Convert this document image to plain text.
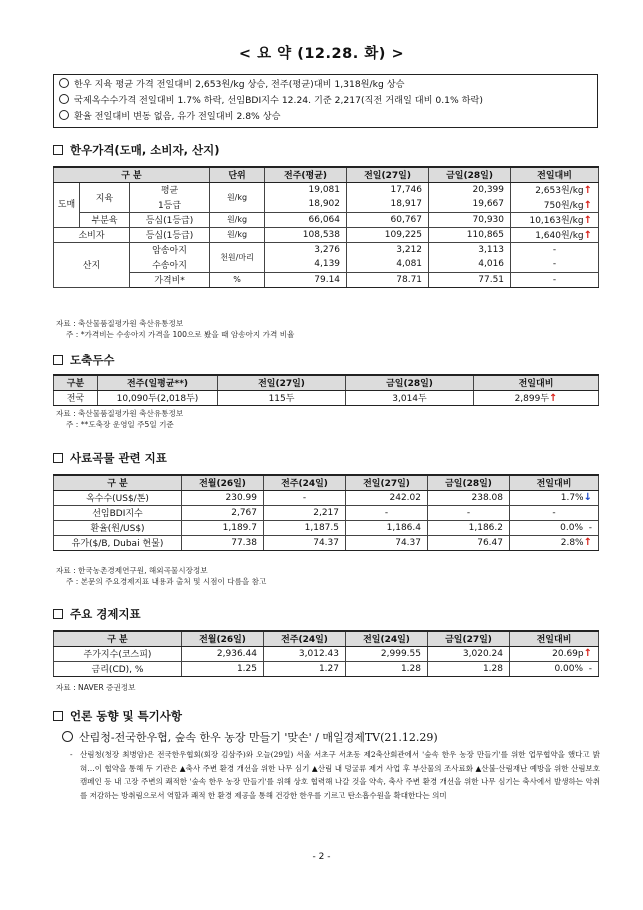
< 요 약 (12.28. 화) >
한우 지육 평균 가격 전일대비 2,653원/kg 상승, 전주(평균)대비 1,318원/kg 상승
국제옥수수가격 전일대비 1.7% 하락, 선임BDI지수 12.24. 기준 2,217(직전 거래일 대비 0.1% 하락)
환율 전일대비 변동 없음, 유가 전일대비 2.8% 상승
한우가격(도매, 소비자, 산지)
구 분			단위	전주(평균)	전일(27일)	금일(28일)	전일대비
도매	지육	평균	원/kg	19,081	17,746	20,399	2,653원/kg↑
		1등급		18,902	18,917	19,667	750원/kg↑
	부분육	등심(1등급)	원/kg	66,064	60,767	70,930	10,163원/kg↑
소비자		등심(1등급)	원/kg	108,538	109,225	110,865	1,640원/kg↑
산지		암송아지	천원/마리	3,276	3,212	3,113	-
		수송아지		4,139	4,081	4,016	-
		가격비*	%	79.14	78.71	77.51	-
자료 : 축산물품질평가원 축산유통정보
주 : *가격비는 수송아지 가격을 100으로 봤을 때 암송아지 가격 비율
도축두수
구분	전주(일평균**)	전일(27일)	금일(28일)	전일대비
전국	10,090두(2,018두)	115두	3,014두	2,899두↑
자료 : 축산물품질평가원 축산유통정보
주 : **도축장 운영일 주5일 기준
사료곡물 관련 지표
구 분	전월(26일)	전주(24일)	전일(27일)	금일(28일)	전일대비
옥수수(US$/톤)	230.99	-	242.02	238.08	1.7%↓
선임BDI지수	2,767	2,217	-	-	-
환율(원/US$)	1,189.7	1,187.5	1,186.4	1,186.2	0.0%  -
유가($/B, Dubai 현물)	77.38	74.37	74.37	76.47	2.8%↑
자료 : 한국농촌경제연구원, 해외곡물시장정보
주 : 본문의 주요경제지표 내용과 출처 및 시점이 다름을 참고
주요 경제지표
구 분	전월(26일)	전주(24일)	전일(24일)	금일(27일)	전일대비
주가지수(코스피)	2,936.44	3,012.43	2,999.55	3,020.24	20.69p↑
금리(CD), %	1.25	1.27	1.28	1.28	0.00%  -
자료 : NAVER 증권정보
언론 동향 및 특기사항
산림청-전국한우협, 숲속 한우 농장 만들기 '맞손' / 매일경제TV(21.12.29)
- 산림청(청장 최병암)은 전국한우협회(회장 김삼주)와 오늘(29일) 서울 서초구 서초동 제2축산회관에서 '숲속 한우 농장 만들기'를 위한 업무협약을 했다고 밝혀…이 협약을 통해 두 기관은 ▲축사 주변 환경 개선을 위한 나무 심기 ▲산림 내 덩굴류 제거 사업 후 부산물의 조사료화 ▲산불·산림재난 예방을 위한 산림보호 캠페인 등 내 고장 주변의 쾌적한 '숲속 한우 농장 만들기'를 위해 상호 협력해 나갈 것을 약속, 축사 주변 환경 개선을 위한 나무 심기는 축사에서 발생하는 악취를 저감하는 방취림으로서 역할과 쾌적 한 환경 제공을 통해 건강한 한우를 기르고 탄소흡수원을 확대한다는 의미
- 2 -
